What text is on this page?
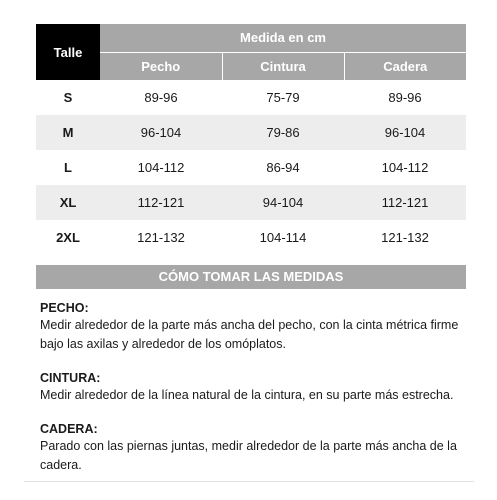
Talle	Medida en cm		
	Pecho	Cintura	Cadera
S	89-96	75-79	89-96
M	96-104	79-86	96-104
L	104-112	86-94	104-112
XL	112-121	94-104	112-121
2XL	121-132	104-114	121-132
CÓMO TOMAR LAS MEDIDAS
PECHO:
Medir alrededor de la parte más ancha del pecho, con la cinta métrica firme bajo las axilas y alrededor de los omóplatos.
CINTURA:
Medir alrededor de la línea natural de la cintura, en su parte más estrecha.
CADERA:
Parado con las piernas juntas, medir alrededor de la parte más ancha de la cadera.
